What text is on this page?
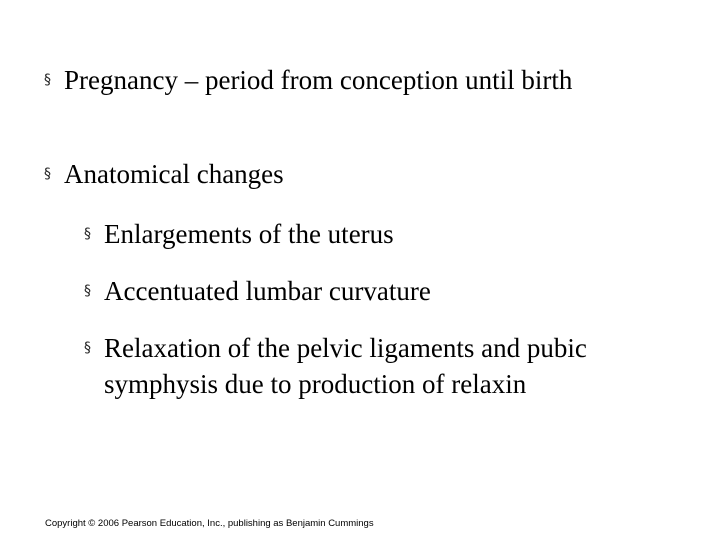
§ Pregnancy – period from conception until birth
§ Anatomical changes
§ Enlargements of the uterus
§ Accentuated lumbar curvature
§ Relaxation of the pelvic ligaments and pubic symphysis due to production of relaxin
Copyright © 2006 Pearson Education, Inc., publishing as Benjamin Cummings
